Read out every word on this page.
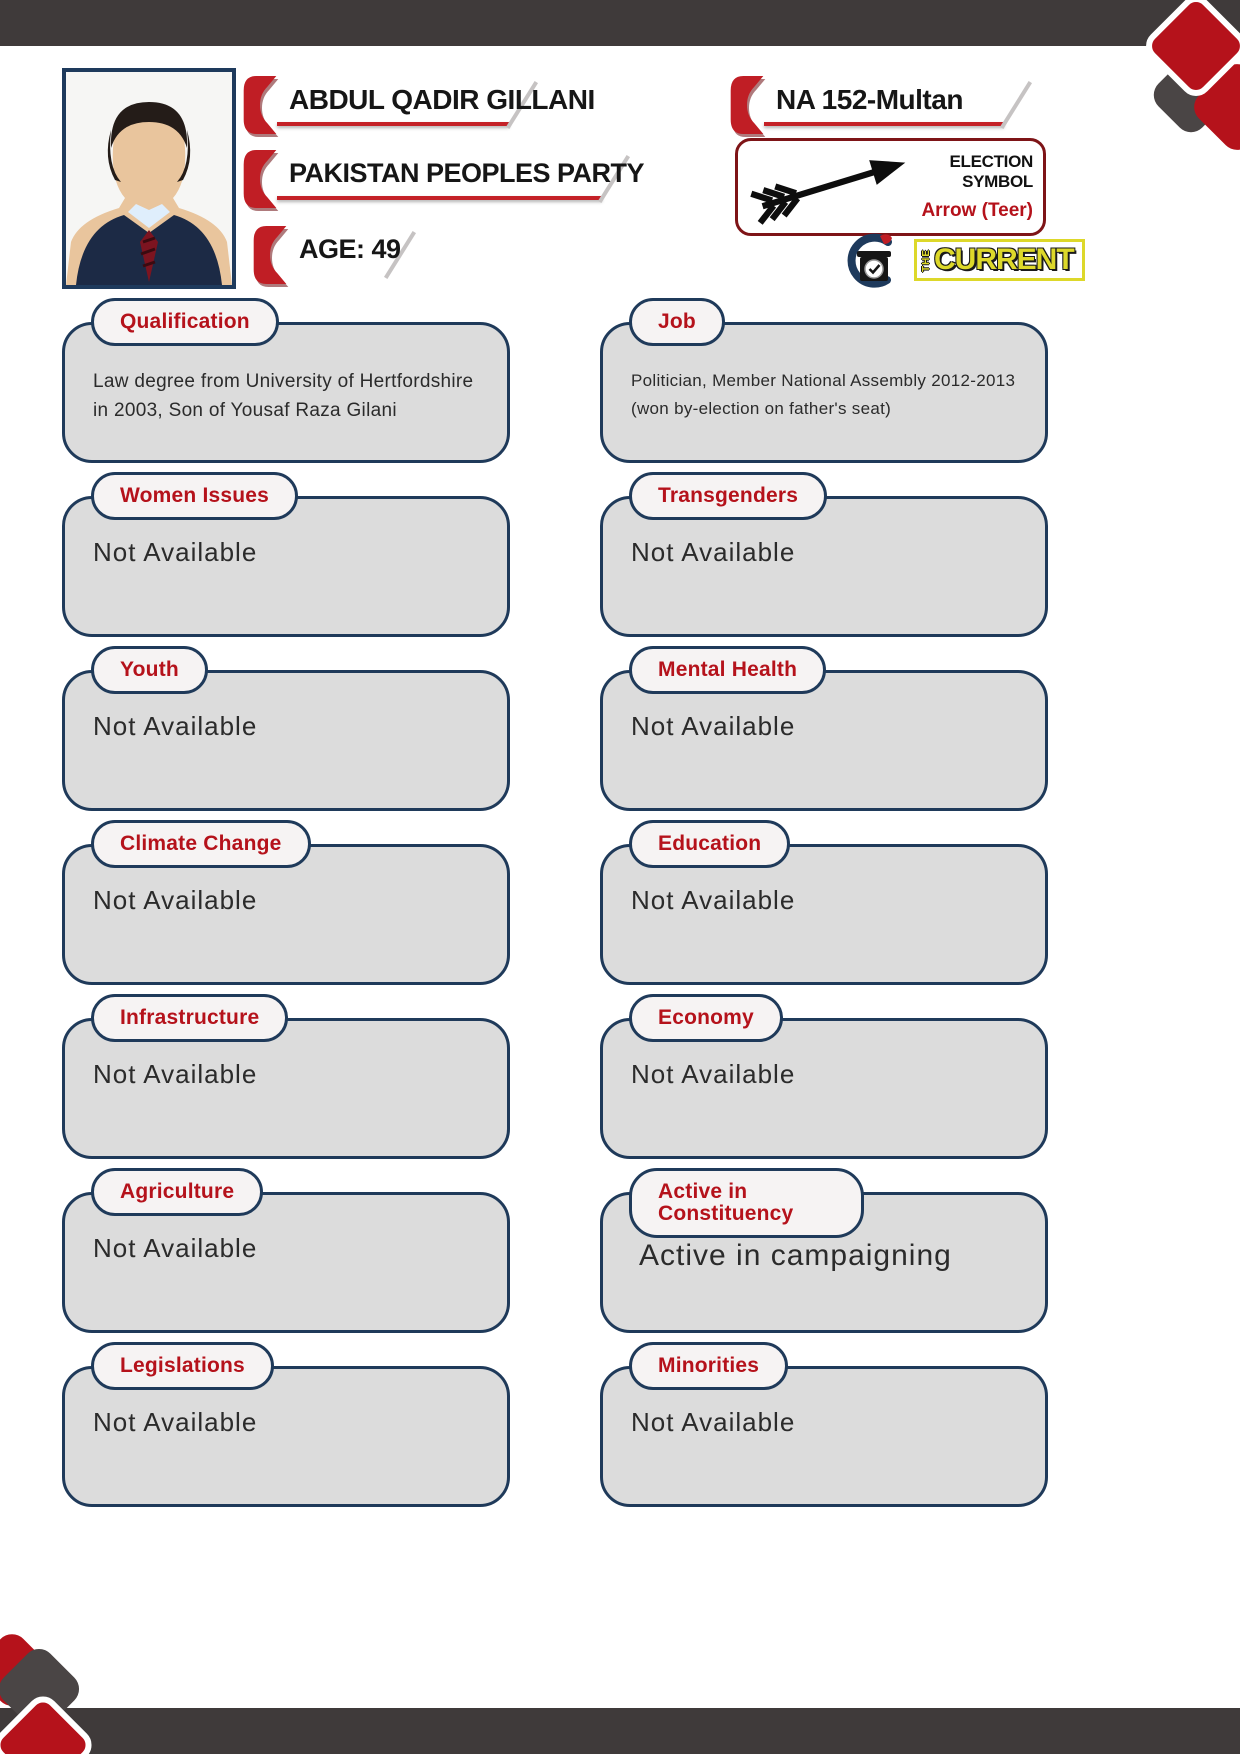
ABDUL QADIR GILLANI
PAKISTAN PEOPLES PARTY
AGE: 49
NA 152-Multan
ELECTION SYMBOL
Arrow (Teer)
THE CURRENT
Qualification

Law degree from University of Hertfordshire in 2003, Son of Yousaf Raza Gilani

Job

Politician, Member National Assembly 2012-2013 (won by-election on father's seat)

Women Issues

Not Available

Transgenders

Not Available

Youth

Not Available

Mental Health

Not Available

Climate Change

Not Available

Education

Not Available

Infrastructure

Not Available

Economy

Not Available

Agriculture

Not Available

Active in Constituency

Active in campaigning

Legislations

Not Available

Minorities

Not Available
